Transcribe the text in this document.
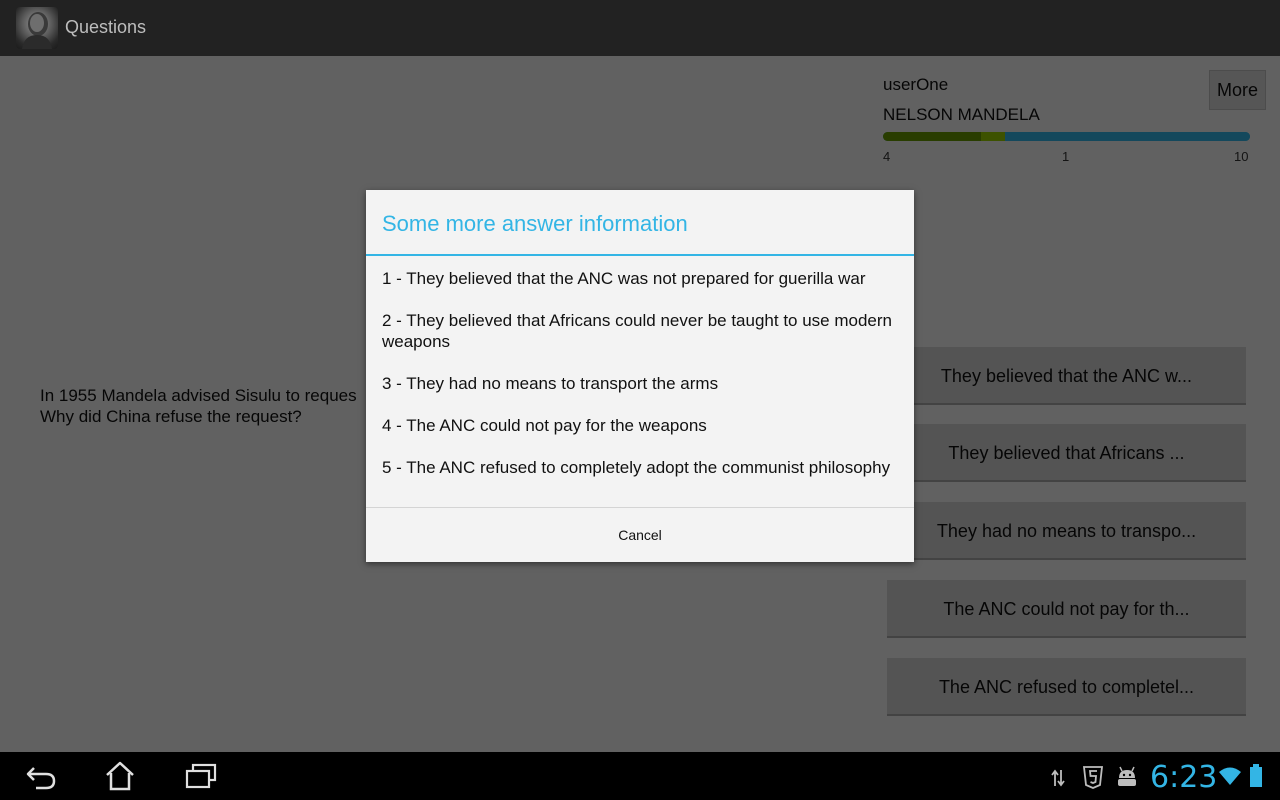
Questions
Some more answer information
1 - They believed that the ANC was not prepared for guerilla war
2 - They believed that Africans could never be taught to use modern weapons
3 - They had no means to transport the arms
4 - The ANC could not pay for the weapons
5 - The ANC refused to completely adopt the communist philosophy
Cancel
6:23
